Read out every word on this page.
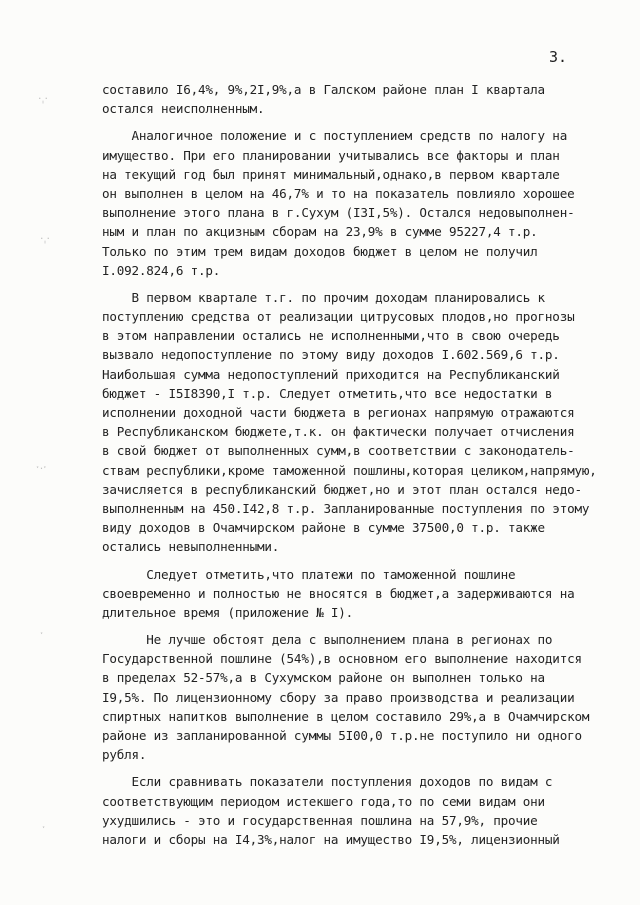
·ˌ·
·ˌ·
ˑ·ˑ
ˑ
ˑ
3.
составило I6,4%, 9%,2I,9%,а в Галском районе план I квартала
остался неисполненным.
Аналогичное положение и с поступлением средств по налогу на
имущество. При его планировании учитывались все факторы и план
на текущий год был принят минимальный,однако,в первом квартале
он выполнен в целом на 46,7% и то на показатель повлияло хорошее
выполнение этого плана в г.Сухум (I3I,5%). Остался недовыполнен-
ным и план по акцизным сборам на 23,9% в сумме 95227,4 т.р.
Только по этим трем видам доходов бюджет в целом не получил
I.092.824,6 т.р.
В первом квартале т.г. по прочим доходам планировались к
поступлению средства от реализации цитрусовых плодов,но прогнозы
в этом направлении остались не исполненными,что в свою очередь
вызвало недопоступление по этому виду доходов I.602.569,6 т.р.
Наибольшая сумма недопоступлений приходится на Республиканский
бюджет - I5I8390,I т.р. Следует отметить,что все недостатки в
исполнении доходной части бюджета в регионах напрямую отражаются
в Республиканском бюджете,т.к. он фактически получает отчисления
в свой бюджет от выполненных сумм,в соответствии с законодатель-
ствам республики,кроме таможенной пошлины,которая целиком,напрямую,
зачисляется в республиканский бюджет,но и этот план остался недо-
выполненным на 450.I42,8 т.р. Запланированные поступления по этому
виду доходов в Очамчирском районе в сумме 37500,0 т.р. также
остались невыполненными.
Следует отметить,что платежи по таможенной пошлине
своевременно и полностью не вносятся в бюджет,а задерживаются на
длительное время (приложение № I).
Не лучше обстоят дела с выполнением плана в регионах по
Государственной пошлине (54%),в основном его выполнение находится
в пределах 52-57%,а в Сухумском районе он выполнен только на
I9,5%. По лицензионному сбору за право производства и реализации
спиртных напитков выполнение в целом составило 29%,а в Очамчирском
районе из запланированной суммы 5I00,0 т.р.не поступило ни одного
рубля.
Если сравнивать показатели поступления доходов по видам с
соответствующим периодом истекшего года,то по семи видам они
ухудшились - это и государственная пошлина на 57,9%, прочие
налоги и сборы на I4,3%,налог на имущество I9,5%, лицензионный
